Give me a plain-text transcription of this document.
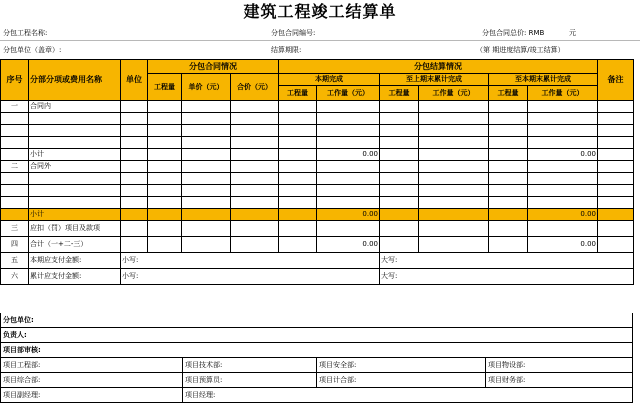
建筑工程竣工结算单
分包工程名称:	分包合同编号:	分包合同总价: RMB	元
分包单位（盖章）:	结算期限:	（第 期进度结算/竣工结算）
序号	分部分项或费用名称	单位	分包合同情况			分包结算情况						备注
			工程量	单价（元）	合价（元）	本期完成		至上期末累计完成		至本期末累计完成		
						工程量	工作量（元）	工程量	工作量（元）	工程量	工作量（元）	
一	合同内											

	小计						0.00				0.00	
二	合同外											

	小计						0.00				0.00	
三	应扣（罚）项目及款项											
四	合计（一+二-三）						0.00				0.00	
五	本期应支付金额:	小写:						大写:				
六	累计应支付金额:	小写:						大写:				
分包单位:
负责人:
项目部审核:
项目工程部:	项目技术部:	项目安全部:	项目物设部:
项目综合部:	项目预算员:	项目计合部:	项目财务部:
项目副经理:	项目经理:
